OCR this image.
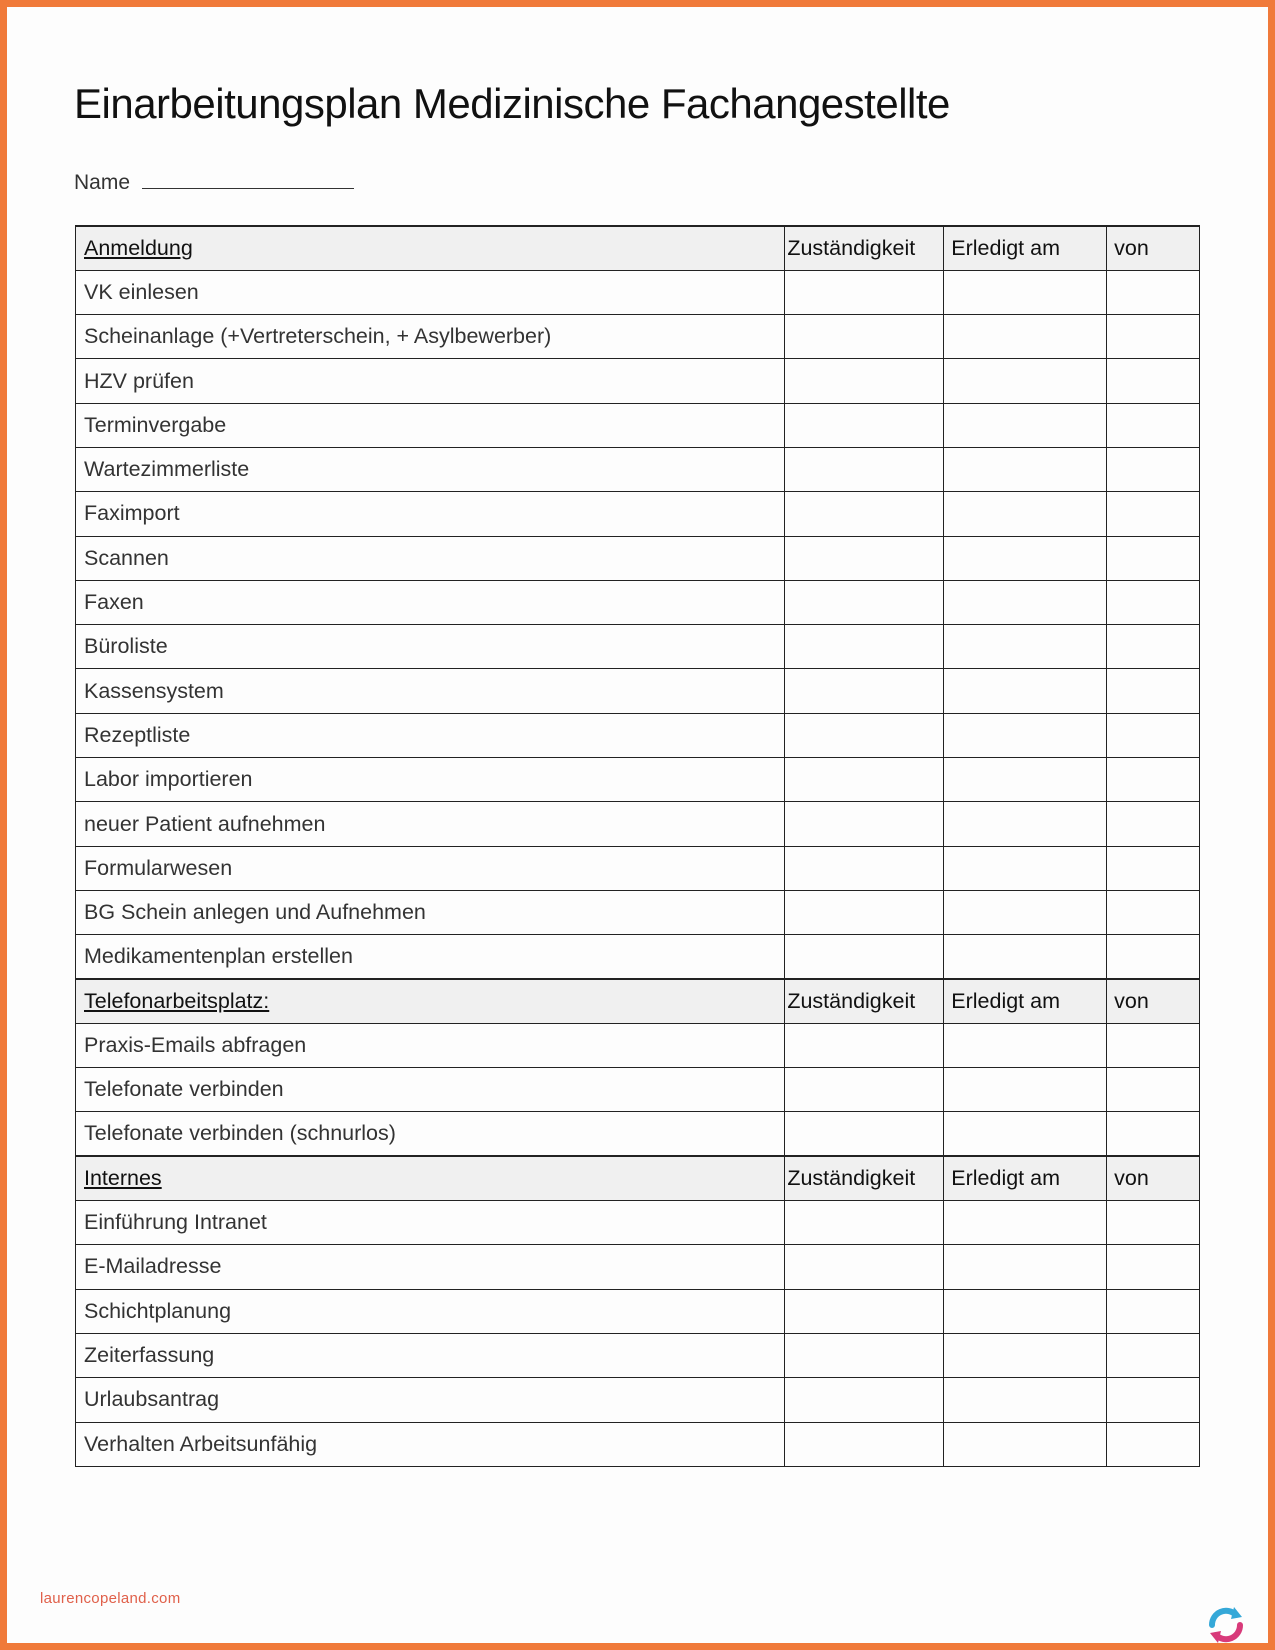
Einarbeitungsplan Medizinische Fachangestellte
Name
Anmeldung	Zuständigkeit	Erledigt am	von
VK einlesen			
Scheinanlage (+Vertreterschein, + Asylbewerber)			
HZV prüfen			
Terminvergabe			
Wartezimmerliste			
Faximport			
Scannen			
Faxen			
Büroliste			
Kassensystem			
Rezeptliste			
Labor importieren			
neuer Patient aufnehmen			
Formularwesen			
BG Schein anlegen und Aufnehmen			
Medikamentenplan erstellen			
Telefonarbeitsplatz:	Zuständigkeit	Erledigt am	von
Praxis-Emails abfragen			
Telefonate verbinden			
Telefonate verbinden (schnurlos)			
Internes	Zuständigkeit	Erledigt am	von
Einführung Intranet			
E-Mailadresse			
Schichtplanung			
Zeiterfassung			
Urlaubsantrag			
Verhalten Arbeitsunfähig			
laurencopeland.com
